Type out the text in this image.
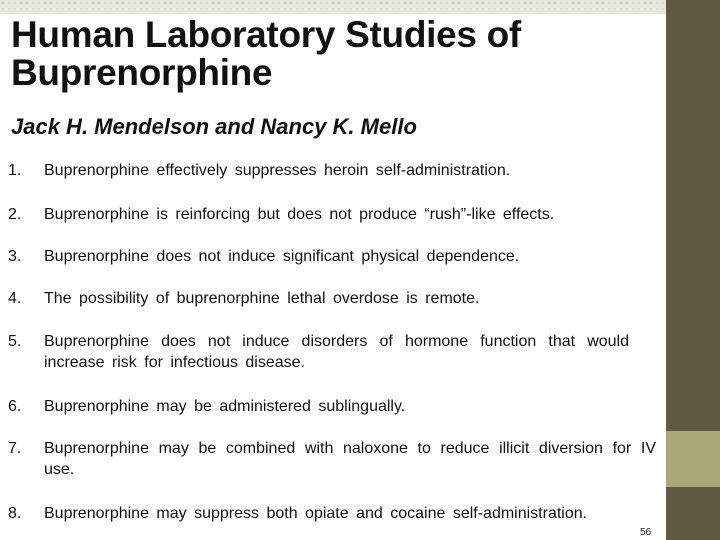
Human Laboratory Studies of
Buprenorphine
Jack H. Mendelson and Nancy K. Mello
1. Buprenorphine effectively suppresses heroin self-administration.
2. Buprenorphine is reinforcing but does not produce “rush”-like effects.
3. Buprenorphine does not induce significant physical dependence.
4. The possibility of buprenorphine lethal overdose is remote.
5. Buprenorphine does not induce disorders of hormone function that would increase risk for infectious disease.
6. Buprenorphine may be administered sublingually.
7. Buprenorphine may be combined with naloxone to reduce illicit diversion for IV use.
8. Buprenorphine may suppress both opiate and cocaine self-administration.
56
